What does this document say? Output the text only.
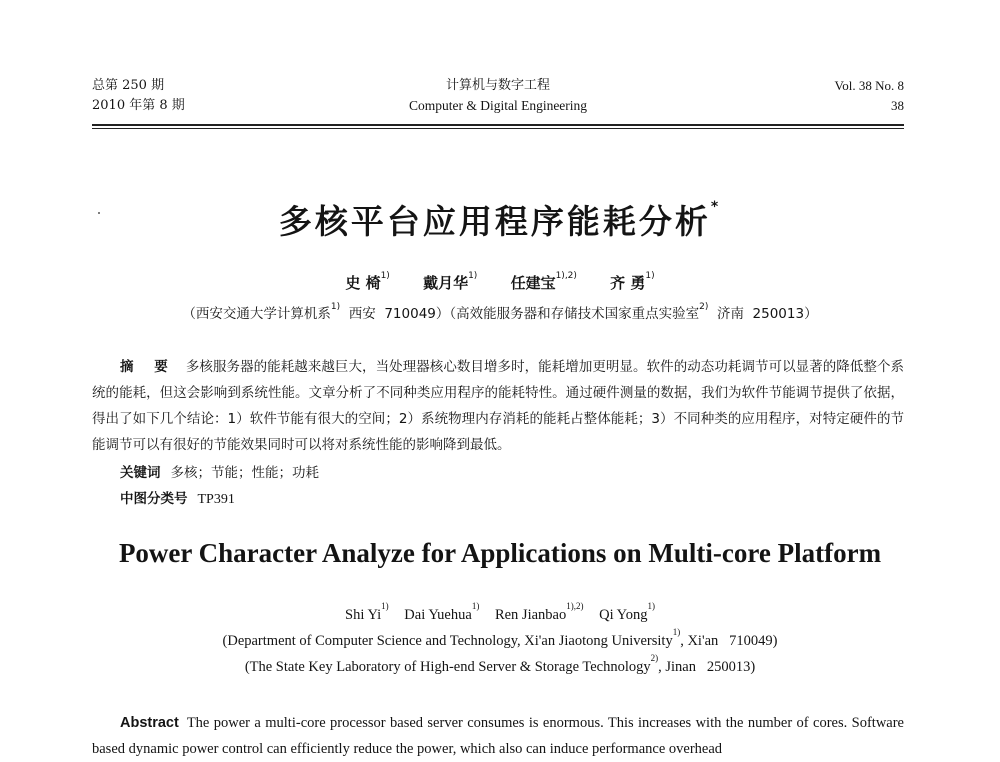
总第 250 期
2010 年第 8 期
计算机与数字工程
Computer & Digital Engineering
Vol. 38 No. 8
38
多核平台应用程序能耗分析*
史 椅$^{1)}$ 戴月华$^{1)}$ 任建宝$^{1),2)}$ 齐 勇$^{1)}$
（西安交通大学计算机系$^{1)}$  西安  710049）（高效能服务器和存储技术国家重点实验室$^{2)}$  济南  250013）
摘 要 多核服务器的能耗越来越巨大，当处理器核心数目增多时，能耗增加更明显。软件的动态功耗调节可以显著的降低整个系统的能耗，但这会影响到系统性能。文章分析了不同种类应用程序的能耗特性。通过硬件测量的数据，我们为软件节能调节提供了依据，得出了如下几个结论：1）软件节能有很大的空间；2）系统物理内存消耗的能耗占整体能耗；3）不同种类的应用程序，对特定硬件的节能调节可以有很好的节能效果同时可以将对系统性能的影响降到最低。
关键词 多核；节能；性能；功耗
中图分类号 TP391
Power Character Analyze for Applications on Multi-core Platform
Shi Yi$^{1)}$ Dai Yuehua$^{1)}$ Ren Jianbao$^{1),2)}$ Qi Yong$^{1)}$
(Department of Computer Science and Technology, Xi'an Jiaotong University$^{1)}$, Xi'an   710049)
(The State Key Laboratory of High-end Server & Storage Technology$^{2)}$, Jinan   250013)
Abstract The power a multi-core processor based server consumes is enormous. This increases with the number of cores. Software based dynamic power control can efficiently reduce the power, which also can induce performance overhead
